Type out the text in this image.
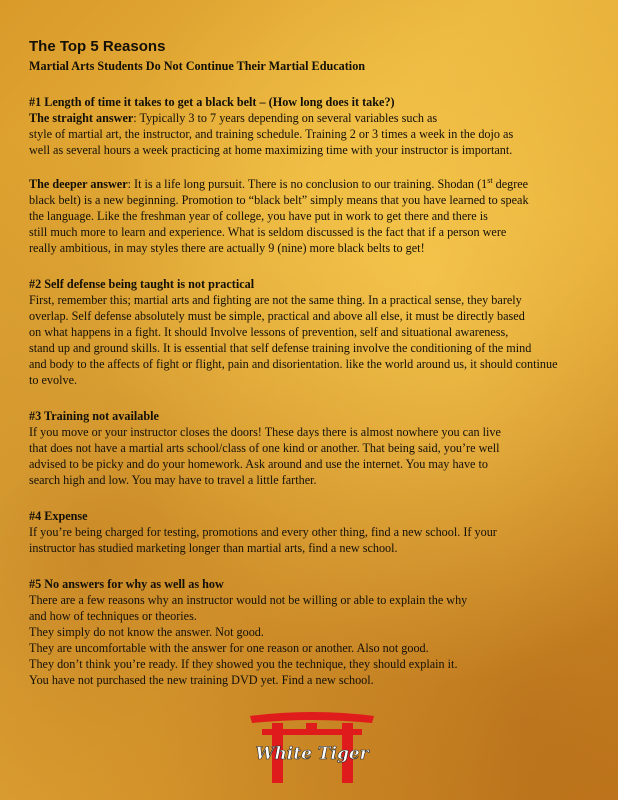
The Top 5 Reasons
Martial Arts Students Do Not Continue Their Martial Education
#1 Length of time it takes to get a black belt – (How long does it take?)
The straight answer: Typically 3 to 7 years depending on several variables such as
style of martial art, the instructor, and training schedule. Training 2 or 3 times a week in the dojo as
well as several hours a week practicing at home maximizing time with your instructor is important.
The deeper answer: It is a life long pursuit. There is no conclusion to our training. Shodan (1st degree
black belt) is a new beginning. Promotion to “black belt” simply means that you have learned to speak
the language. Like the freshman year of college, you have put in work to get there and there is
still much more to learn and experience. What is seldom discussed is the fact that if a person were
really ambitious, in may styles there are actually 9 (nine) more black belts to get!
#2 Self defense being taught is not practical
First, remember this; martial arts and fighting are not the same thing. In a practical sense, they barely
overlap. Self defense absolutely must be simple, practical and above all else, it must be directly based
on what happens in a fight. It should Involve lessons of prevention, self and situational awareness,
stand up and ground skills. It is essential that self defense training involve the conditioning of the mind
and body to the affects of fight or flight, pain and disorientation. like the world around us, it should continue
to evolve.
#3 Training not available
If you move or your instructor closes the doors! These days there is almost nowhere you can live
that does not have a martial arts school/class of one kind or another. That being said, you’re well
advised to be picky and do your homework. Ask around and use the internet. You may have to
search high and low. You may have to travel a little farther.
#4 Expense
If you’re being charged for testing, promotions and every other thing, find a new school. If your
instructor has studied marketing longer than martial arts, find a new school.
#5 No answers for why as well as how
There are a few reasons why an instructor would not be willing or able to explain the why
and how of techniques or theories.
They simply do not know the answer. Not good.
They are uncomfortable with the answer for one reason or another. Also not good.
They don’t think you’re ready. If they showed you the technique, they should explain it.
You have not purchased the new training DVD yet. Find a new school.
White Tiger
